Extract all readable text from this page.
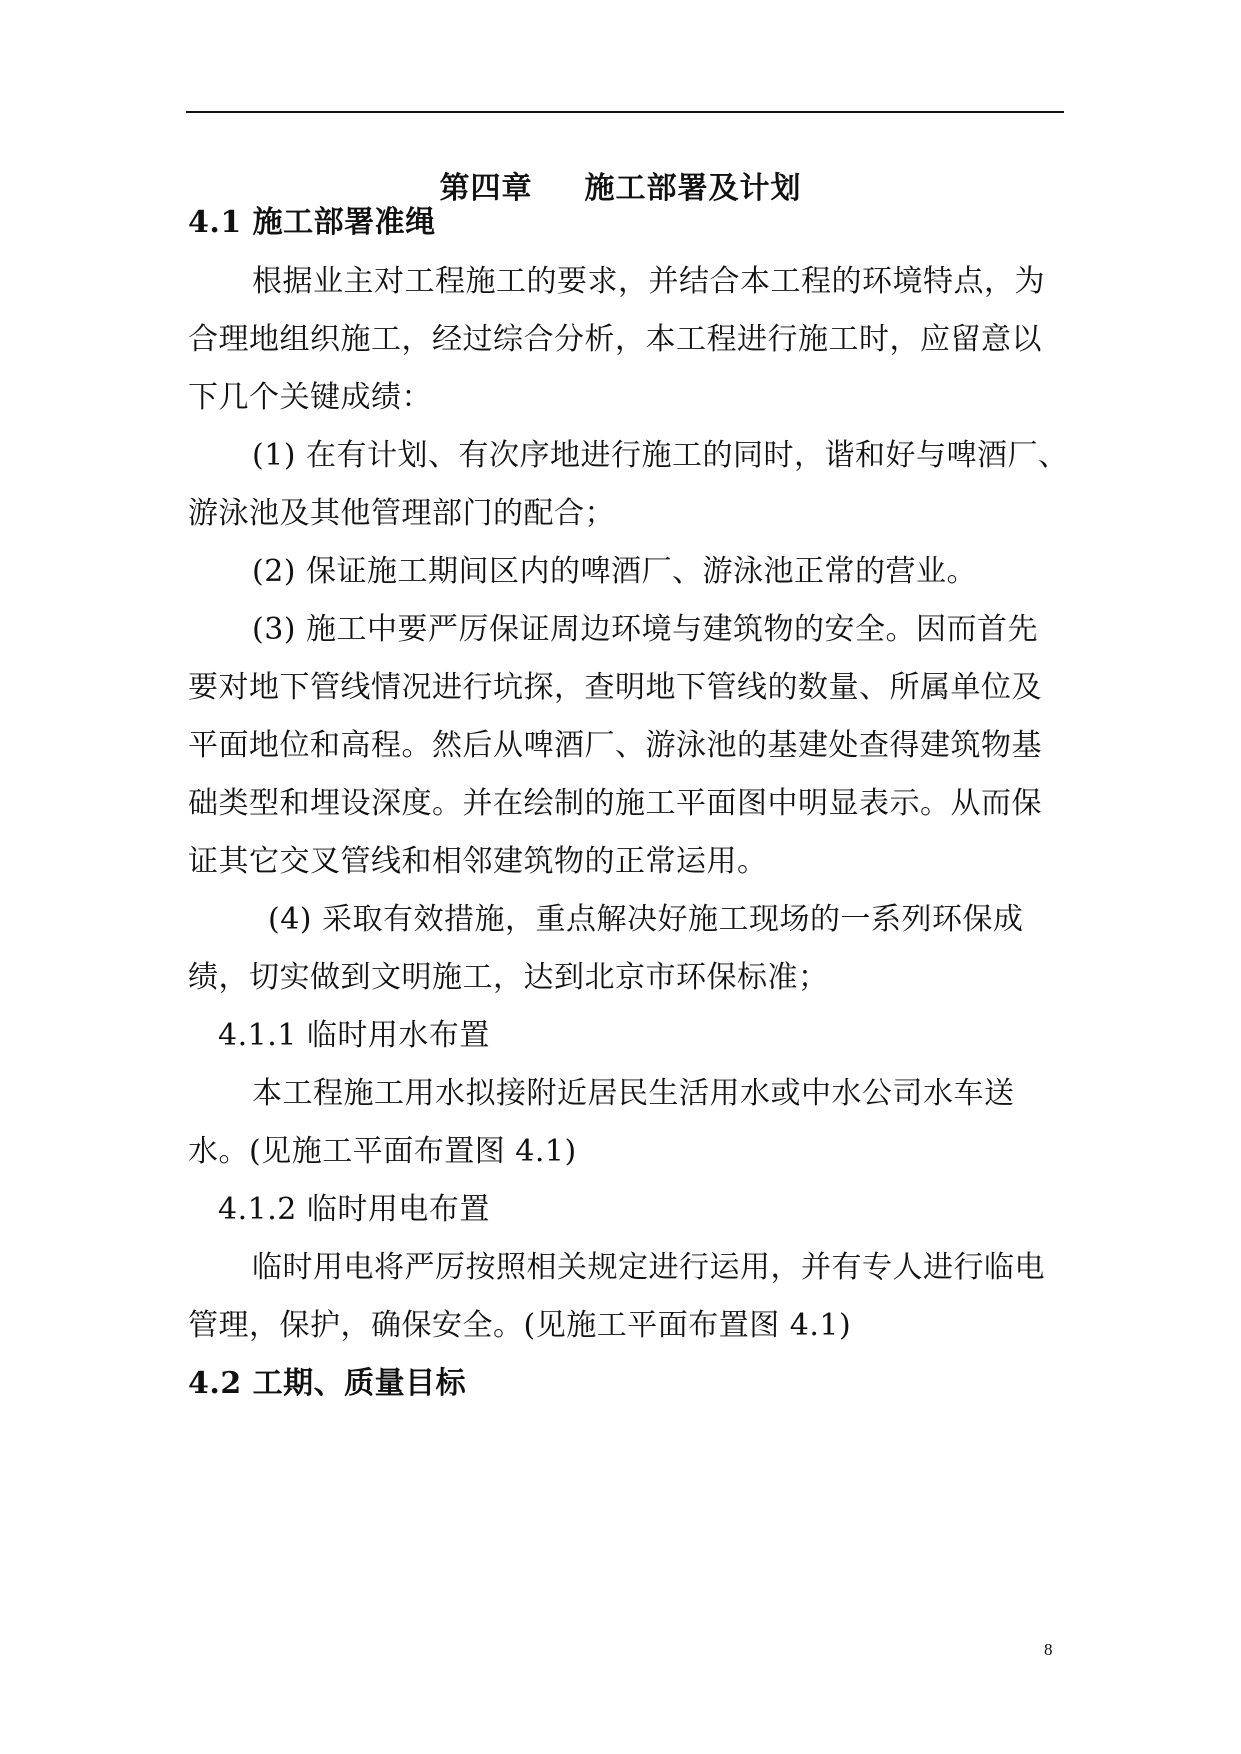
第四章 施工部署及计划
4.1 施工部署准绳
根据业主对工程施工的要求，并结合本工程的环境特点，为
合理地组织施工，经过综合分析，本工程进行施工时，应留意以
下几个关键成绩：
(1) 在有计划、有次序地进行施工的同时，谐和好与啤酒厂、
游泳池及其他管理部门的配合；
(2) 保证施工期间区内的啤酒厂、游泳池正常的营业。
(3) 施工中要严厉保证周边环境与建筑物的安全。因而首先
要对地下管线情况进行坑探，查明地下管线的数量、所属单位及
平面地位和高程。然后从啤酒厂、游泳池的基建处查得建筑物基
础类型和埋设深度。并在绘制的施工平面图中明显表示。从而保
证其它交叉管线和相邻建筑物的正常运用。
(4) 采取有效措施，重点解决好施工现场的一系列环保成
绩，切实做到文明施工，达到北京市环保标准；
4.1.1 临时用水布置
本工程施工用水拟接附近居民生活用水或中水公司水车送
水。(见施工平面布置图 4.1)
4.1.2 临时用电布置
临时用电将严厉按照相关规定进行运用，并有专人进行临电
管理，保护，确保安全。(见施工平面布置图 4.1)
4.2 工期、质量目标
8
